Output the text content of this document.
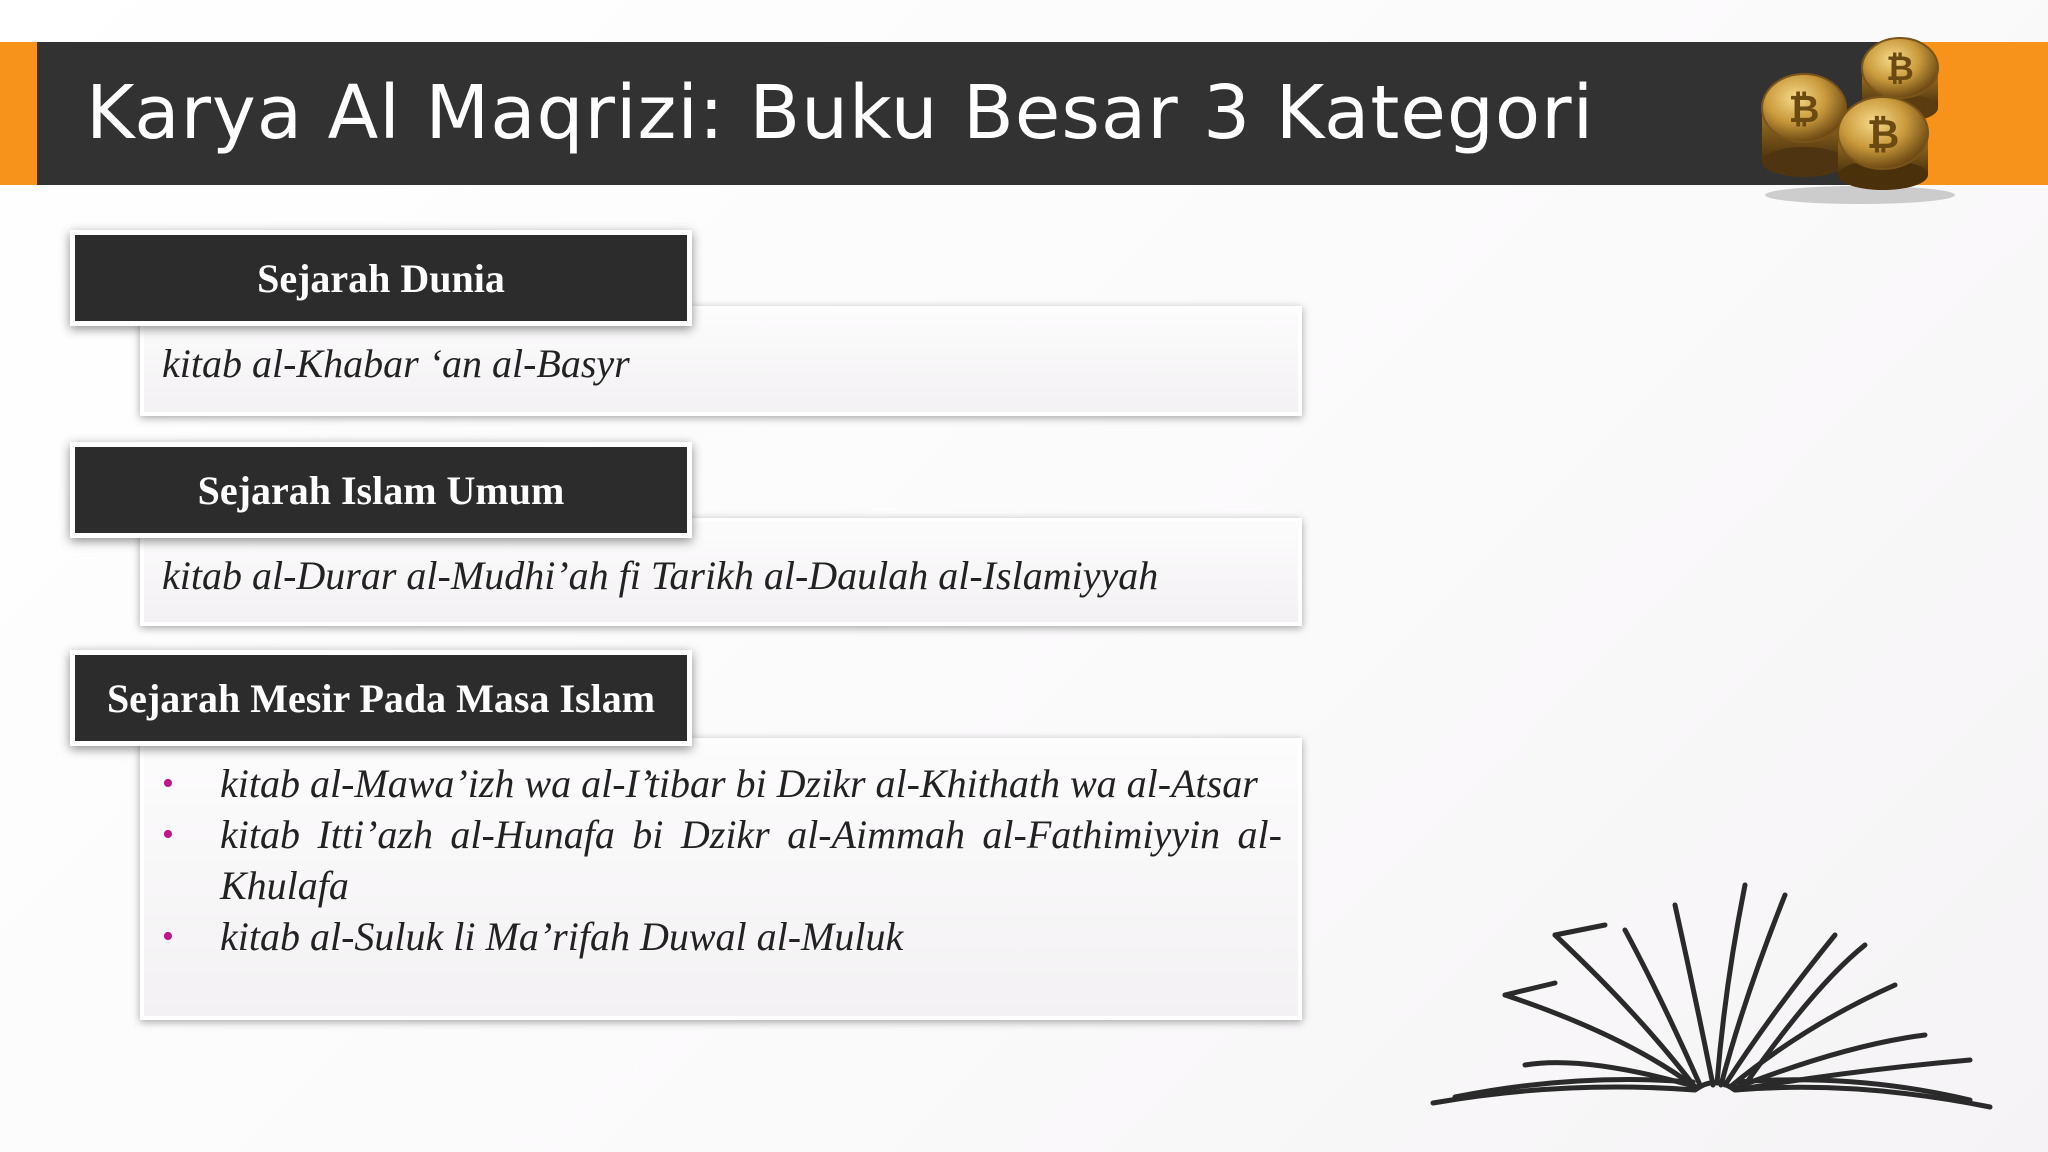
Karya Al Maqrizi: Buku Besar 3 Kategori
₿
₿
₿
Sejarah Dunia
kitab al-Khabar ‘an al-Basyr
Sejarah Islam Umum
kitab al-Durar al-Mudhi’ah fi Tarikh al-Daulah al-Islamiyyah
Sejarah Mesir Pada Masa Islam
• kitab al-Mawa’izh wa al-I’tibar bi Dzikr al-Khithath wa al-Atsar
• kitab Itti’azh al-Hunafa bi Dzikr al-Aimmah al-Fathimiyyin al-Khulafa
• kitab al-Suluk li Ma’rifah Duwal al-Muluk
